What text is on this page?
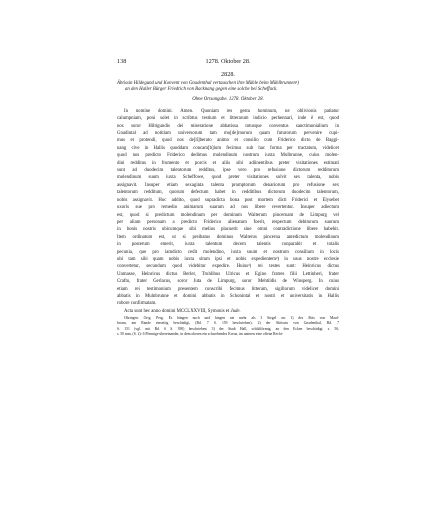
138	1278. Oktober 28.
2828.

Äbtissin Hildegund und Konvent von Gnadenthal vertauschen ihre Mühle beim Mühlbrunnen¹)

an den Haller Bürger Friedrich von Backnang gegen eine solche bei Scheffack.

Ohne Ortsangabe. 1278. Oktober 28.

In nomine domini. Amen. Quoniam res gesta hominum, ne oblivionis patiatur

calumpniam, poni solet in scribtus testium et litterarum indicio perhennari, inde ẽ est, quod

nos soror Hiltigundis dei miseratione abbatissa totusque conventus sanctimonialium in

Gnadintal ad notitiam universorum tam mo[de]rnorum quam futurorum pervenire cupi-

mus et protendi, quod nos de[li]berato animo et consilio cum Friderico dicto de Baggi-

nang cive in Hallis quoddam concam[b]ium fecimus sub hac forma per tractatum, videlicet

quod nos predicto Friderico dedimus molendinum nostrum iuxta Mulbrunne, cuius molen-

dini redditus in frumento et porcis et aliis sibi adiinentibus preter visitationes estimati

sunt ad duodecim talentorum redditus, ipse vero pro refusione dictorum redditorum

molendinum suum iuxta Scheffowe, quod preter visitationes solvit sex talenta, nobis

assignavit. Insuper etiam sexaginta talenta promptorum denariorum pro refusione sex

talentorum redditum, quorum defectum habet in redditibus dictorum duodecim talentorum,

nobis assignavit. Hoc addito, quod supradicta bona post mortem dicti Friderici et Elysebet

uxoris sue pro remedio animarum suarum ad nos libere revertentur. Insuper adiectum

est, quod si predictum molendinum per dominum Walterum pincernam de Limpurg vel

per aliam personam a predicto Friderico alienatum foerit, respectum debitorum suorum

in bonis nostris ubicumque sibi melius placuerit sine omni contradictione libere habebit.

Item ordinatum est, ut si preibatus dominus Walterus pincerna antedictum molendinum

in posterum emerit, iuxta talentum decem talentis conparabit et totalis

pecunia, que pro iamdicto cedit molendino, iuxta suum et nostrum consilium in locis

ubi tam sibi quam nobis iuxta situm ipsi et nobis expedientem²) in usus nostre ecclesie

convertetur, secundum quod videbitur expedire. Huius³) rei testes sunt: Heinricus dictus

Unmasse, Heinricus dictus Berler, Truhlibus Ulricus et Egino fratres filii Lettinheri, frater

Crafto, frater Gerlacus, soror Juta de Limpurg, soror Mehtildis de Winsperg. In cuius

etiam rei testimonium presentem conscribi fecimus litteram, sigillorum videlicet domini

abbatis in Mulnbrunne et domini abbatis in Schonintal et nostri et universitatis in Hallis

robore confirmatam.

Acta sunt hec anno domini MCCLXXVIII, Symonis et Jude.

Öhringen. Orig. Perg. Es hängen noch und hingen nie mehr als 3 Siegel an: 1) des Abts von Maul-

bronn, am Rande einseitig beschädigt, (Bd. 7 S. 159 beschrieben); 2) der Äbtissin von Gnadenthal, Bd. 7

S. 151 (vgl. mit Bd. 6 S. 390) beschrieben; 3) der Stadt Hall, schildförmig, an den Ecken beschädigt, s. 56,

s. 50 mm, (S. 2): 6 Pfennige übereinander, in dem oberen ein schwebendes Kreuz, im unteren eine offene Recht-
